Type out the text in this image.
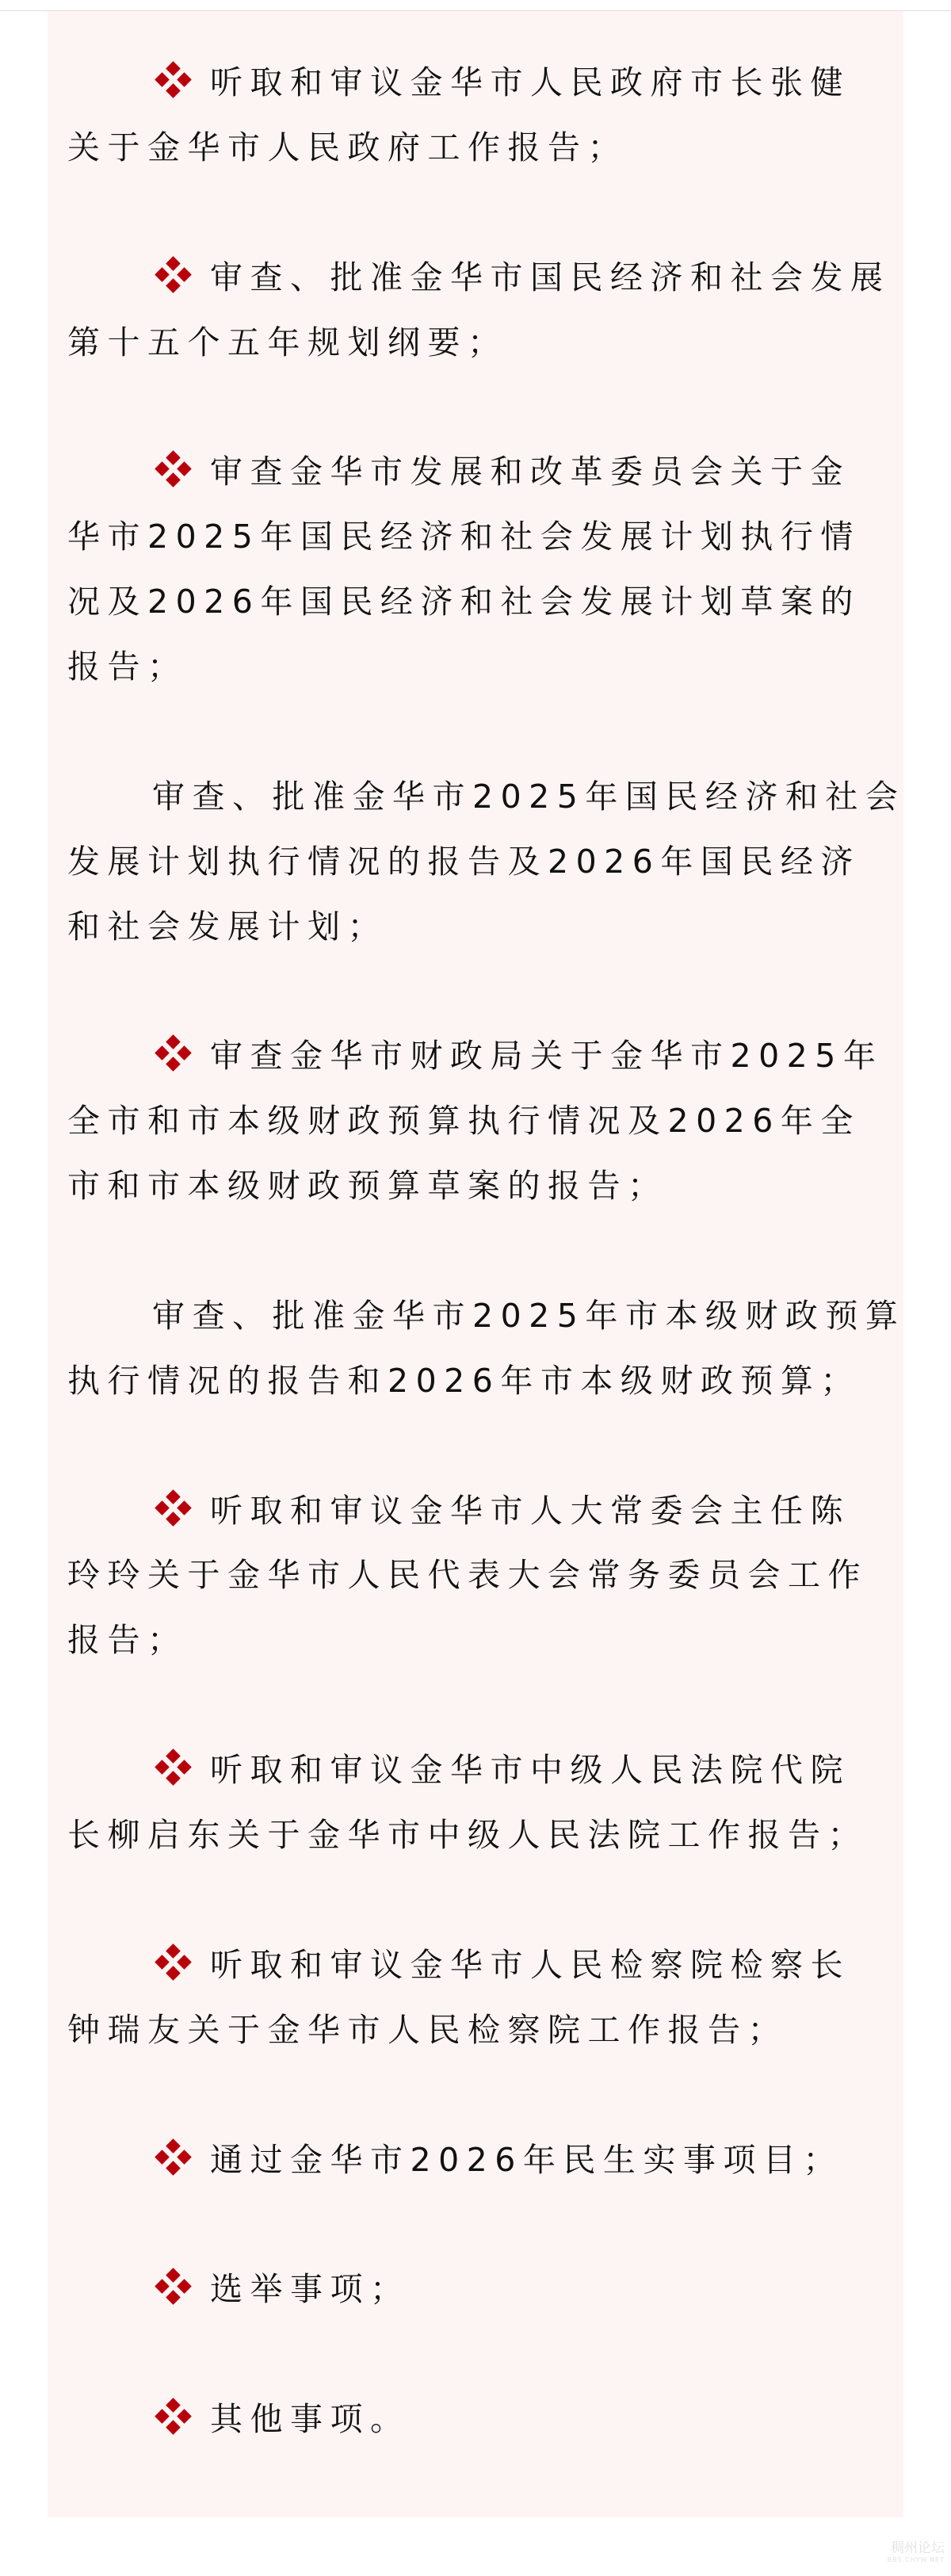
听取和审议金华市人民政府市长张健
关于金华市人民政府工作报告；

审查、批准金华市国民经济和社会发展
第十五个五年规划纲要；

审查金华市发展和改革委员会关于金
华市2025年国民经济和社会发展计划执行情
况及2026年国民经济和社会发展计划草案的
报告；

审查、批准金华市2025年国民经济和社会
发展计划执行情况的报告及2026年国民经济
和社会发展计划；

审查金华市财政局关于金华市2025年
全市和市本级财政预算执行情况及2026年全
市和市本级财政预算草案的报告；

审查、批准金华市2025年市本级财政预算
执行情况的报告和2026年市本级财政预算；

听取和审议金华市人大常委会主任陈
玲玲关于金华市人民代表大会常务委员会工作
报告；

听取和审议金华市中级人民法院代院
长柳启东关于金华市中级人民法院工作报告；

听取和审议金华市人民检察院检察长
钟瑞友关于金华市人民检察院工作报告；

通过金华市2026年民生实事项目；

选举事项；

其他事项。

稠州论坛
BBS.CHYW.NET
